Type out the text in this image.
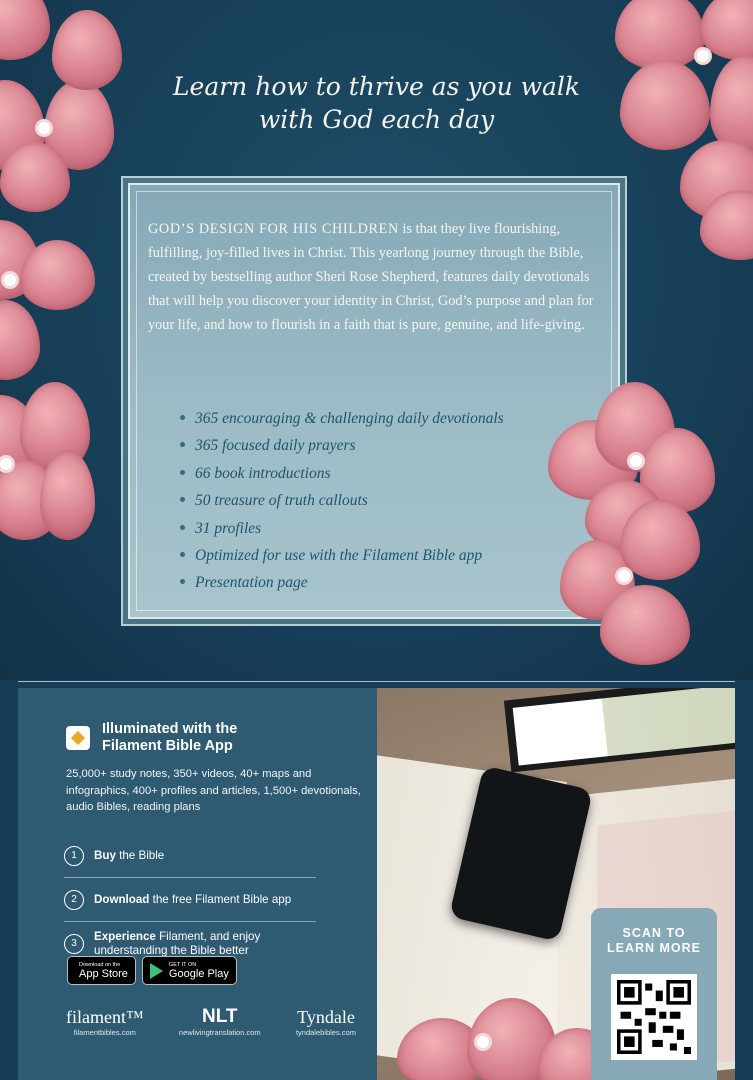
Learn how to thrive as you walk
with God each day
GOD’S DESIGN FOR HIS CHILDREN is that they live flourishing, fulfilling, joy-filled lives in Christ. This yearlong journey through the Bible, created by bestselling author Sheri Rose Shepherd, features daily devotionals that will help you discover your identity in Christ, God’s purpose and plan for your life, and how to flourish in a faith that is pure, genuine, and life-giving.
365 encouraging & challenging daily devotionals
365 focused daily prayers
66 book introductions
50 treasure of truth callouts
31 profiles
Optimized for use with the Filament Bible app
Presentation page
Illuminated with the
Filament Bible App
25,000+ study notes, 350+ videos, 40+ maps and infographics, 400+ profiles and articles, 1,500+ devotionals, audio Bibles, reading plans
1	Buy the Bible
2	Download the free Filament Bible app
3
Experience Filament, and enjoy understanding the Bible better
Download on the
App Store
GET IT ON
Google Play
filament™
filamentbibles.com
NLT
newlivingtranslation.com
Tyndale
tyndalebibles.com
SCAN TO
LEARN MORE
